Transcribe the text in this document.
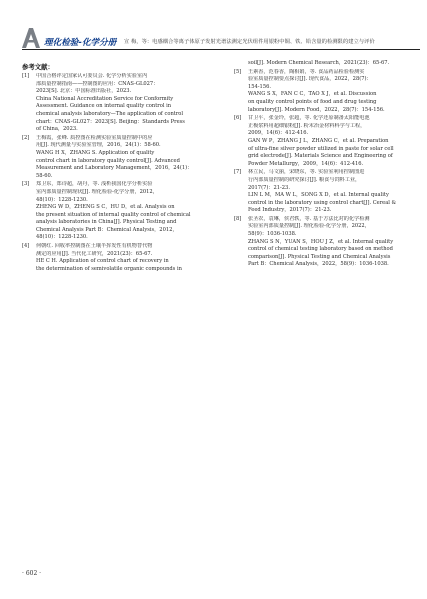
理化检验-化学分册 宣 梅，等：电感耦合等离子体原子发射光谱法测定光伏组件用银粉中铜、铁、铅含量的检测限的建立与评价
参考文献：
[1]	中国合格评定国家认可委员会. 化学分析实验室内
部质量控制指南——控制图的应用：CNAS-GL027：
2023[S]. 北京：中国标准出版社，2023.
China National Accreditation Service for Conformity
Assessment. Guidance on internal quality control in
chemical analysis laboratory—The application of control
chart：CNAS-GL027：2023[S]. Beijing：Standards Press
of China，2023.
[2]	王梅霞，张峰. 质控图在检测实验室质量控制中的应
用[J]. 现代测量与实验室管理，2016，24(1)：58-60.
WANG H X，ZHANG S. Application of quality
control chart in laboratory quality control[J]. Advanced
Measurement and Laboratory Management，2016，24(1)：
58-60.
[3]	郑卫东，郑诗超，胡丹，等. 浅析我国化学分析实验
室内部质量控制现状[J]. 理化检验-化学分册，2012，
48(10)：1228-1230.
ZHENG W D，ZHENG S C，HU D，et al. Analysis on
the present situation of internal quality control of chemical
analysis laboratories in China[J]. Physical Testing and
Chemical Analysis Part B：Chemical Analysis，2012，
48(10)：1228-1230.
[4]	何朝红. 回收率控制图在土壤半挥发性有机物替代物
测定的应用[J]. 当代化工研究，2021(23)：65-67.
HE C H. Application of control chart of recovery in
the determination of semivolatile organic compounds in
soil[J]. Modern Chemical Research，2021(23)：65-67.
[5]	王素香，范春香，陶相娟，等. 食品药品检验检测实
验室质量控制要点探讨[J]. 现代食品，2022，28(7)：
154-156.
WANG S X，FAN C C，TAO X J，et al. Discussion
on quality control points of food and drug testing
laboratory[J]. Modern Food，2022，28(7)：154-156.
[6]	甘卫平，张金玲，张超，等. 化学还原制备太阳能电池
正极浆料用超细银粉[J]. 粉末冶金材料科学与工程，
2009，14(6)：412-416.
GAN W P，ZHANG J L，ZHANG C，et al. Preparation
of ultra-fine silver powder utilized in paste for solar cell
grid electrode[J]. Materials Science and Engineering of
Powder Metallurgy，2009，14(6)：412-416.
[7]	林立民，马文丽，宋晓东，等. 实验室利用控制图进
行内部质量控制的研究探讨[J]. 粮食与饲料工业，
2017(7)：21-23.
LIN L M，MA W L，SONG X D，et al. Internal quality
control in the laboratory using control chart[J]. Cereal &
Feed Industry，2017(7)：21-23.
[8]	张圣农，袁琳，侯君轶，等. 基于方法比对的化学检测
实验室内部质量控制[J]. 理化检验-化学分册，2022，
58(9)：1036-1038.
ZHANG S N，YUAN S，HOU J Z，et al. Internal quality
control of chemical testing laboratory based on method
comparison[J]. Physical Testing and Chemical Analysis
Part B：Chemical Analysis，2022，58(9)：1036-1038.
· 602 ·
